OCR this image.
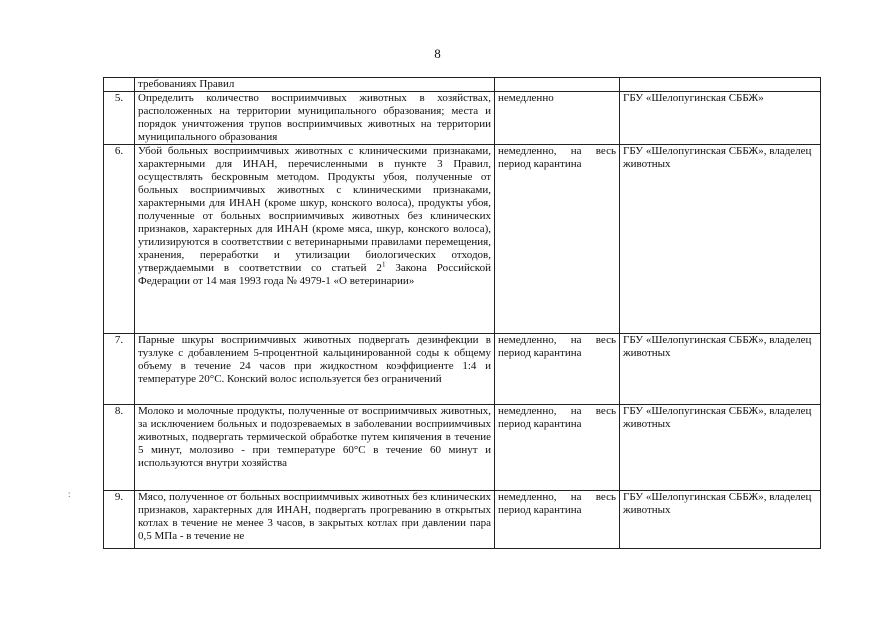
8
	требованиях Правил		
5.	Определить количество восприимчивых животных в хозяйствах, расположенных на территории муниципального образования; места и порядок уничтожения трупов восприимчивых животных на территории муниципального образования	немедленно	ГБУ «Шелопугинская СББЖ»
6.	Убой больных восприимчивых животных с клиническими признаками, характерными для ИНАН, перечисленными в пункте 3 Правил, осуществлять бескровным методом. Продукты убоя, полученные от больных восприимчивых животных с клиническими признаками, характерными для ИНАН (кроме шкур, конского волоса), продукты убоя, полученные от больных восприимчивых животных без клинических признаков, характерных для ИНАН (кроме мяса, шкур, конского волоса), утилизируются в соответствии с ветеринарными правилами перемещения, хранения, переработки и утилизации биологических отходов, утверждаемыми в соответствии со статьей $2^1$ Закона Российской Федерации от 14 мая 1993 года № 4979-1 «О ветеринарии»	немедленно, на весь период карантина	ГБУ «Шелопугинская СББЖ», владелец животных
7.	Парные шкуры восприимчивых животных подвергать дезинфекции в тузлуке с добавлением 5-процентной кальцинированной соды к общему объему в течение 24 часов при жидкостном коэффициенте 1:4 и температуре 20°С. Конский волос используется без ограничений	немедленно, на весь период карантина	ГБУ «Шелопугинская СББЖ», владелец животных
8.	Молоко и молочные продукты, полученные от восприимчивых животных, за исключением больных и подозреваемых в заболевании восприимчивых животных, подвергать термической обработке путем кипячения в течение 5 минут, молозиво - при температуре 60°С в течение 60 минут и используются внутри хозяйства	немедленно, на весь период карантина	ГБУ «Шелопугинская СББЖ», владелец животных
9.	Мясо, полученное от больных восприимчивых животных без клинических признаков, характерных для ИНАН, подвергать прогреванию в открытых котлах в течение не менее 3 часов, в закрытых котлах при давлении пара 0,5 МПа - в течение не	немедленно, на весь период карантина	ГБУ «Шелопугинская СББЖ», владелец животных
:
